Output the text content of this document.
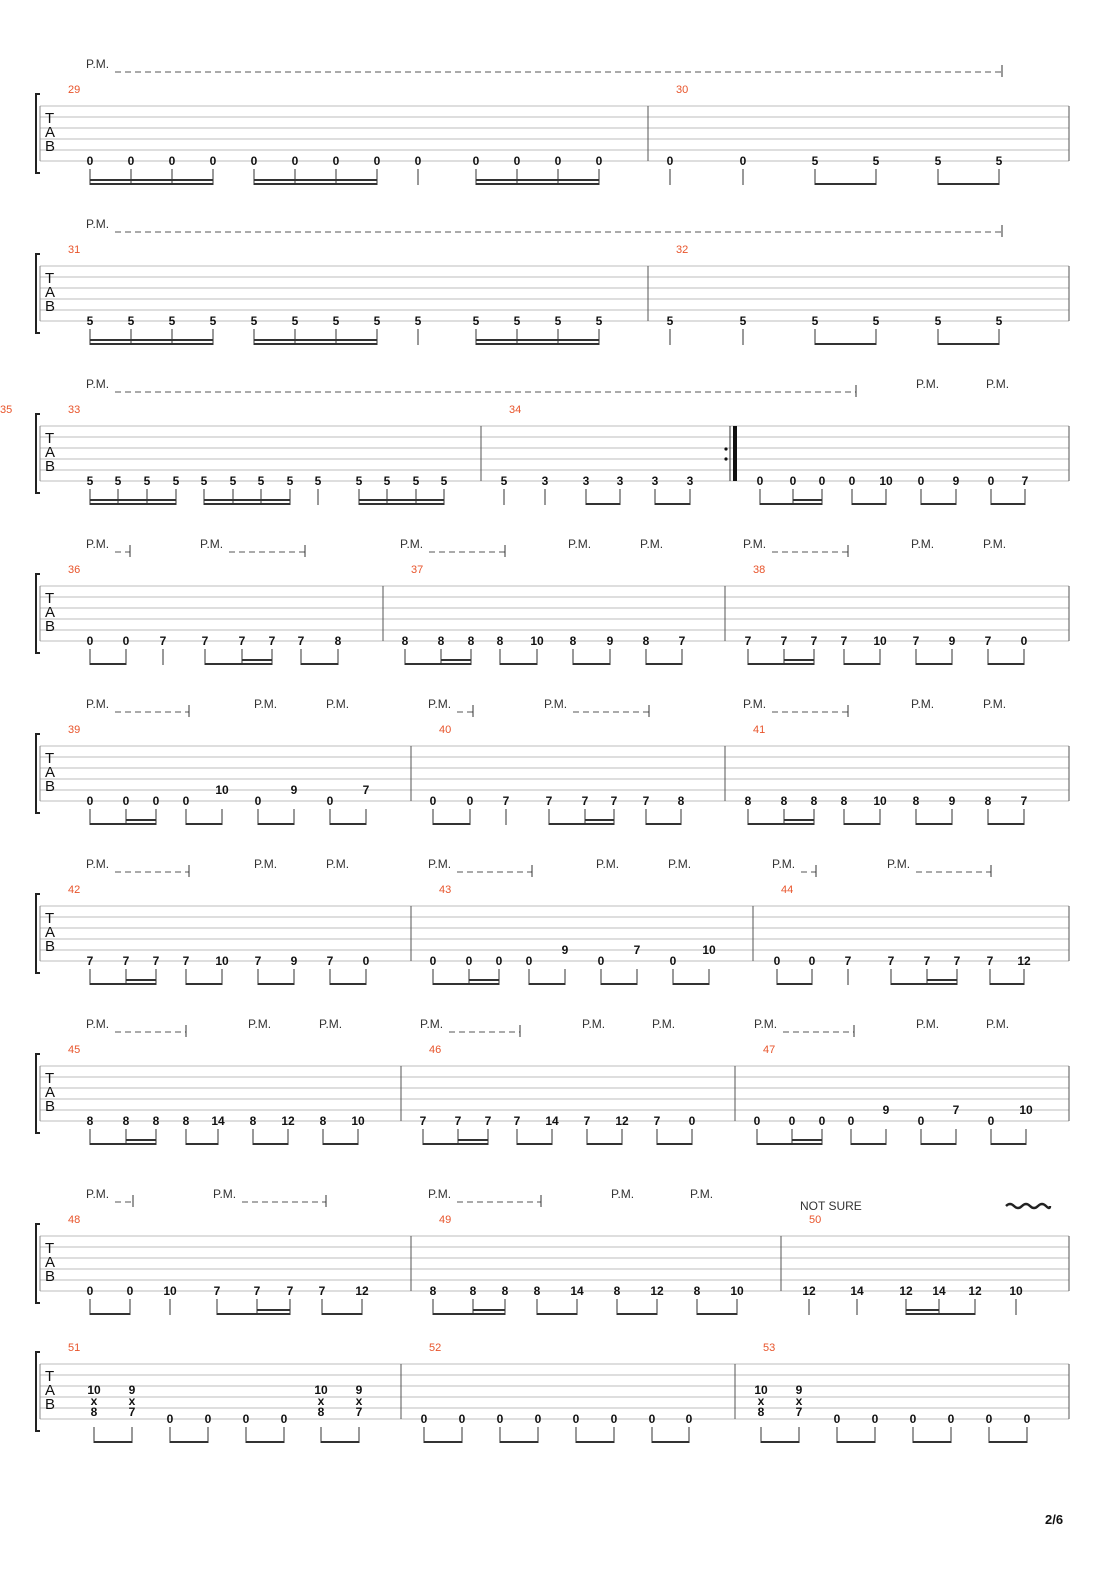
2/6
P.M.
T
A
B
29
0	0	0	0	0	0	0	0	0	0	0	0	0
30
0	0	5	5	5	5
P.M.
T
A
B
31
5	5	5	5	5	5	5	5	5	5	5	5	5
32
5	5	5	5	5	5
P.M.	P.M.	P.M.
T
A
B
33
5 5 5 5 5 5 5 5 5	5 5 5 5
34
5	3	3 3 3 3
35
0 0 0 0 10 0 9 0 7
P.M.	P.M.	P.M.	P.M.	P.M.	P.M.	P.M.	P.M.
T
A
B
36
0 0	7	7	7 7 7	8
37
8 8 8 8 10 8	9 8 7
38
7 7 7 7 10 7 9 7 0
P.M.	P.M.	P.M.	P.M.	P.M.	P.M.	P.M.	P.M.
T
A
B
39
0 0 0 0
10
0
9
0
7
40
0	0 7	7 7 7 7 8
41
8 8 8 8 10 8 9 8 7
P.M.	P.M.	P.M.	P.M.	P.M.	P.M.	P.M.	P.M.
T
A
B
42
7 7 7 7 10 7 9 7 0
43
0 0 0 0
9
0
7
0
10
44
0 0 7	7 7 7 7 12
P.M.	P.M.	P.M.	P.M.	P.M.	P.M.	P.M.	P.M.	P.M.
T
A
B
45
8 8 8 8 14 8 12 8 10
46
7 7 7 7 14 7 12 7 0
47
0 0 0 0
9
0
7
0
10
P.M.	P.M.	P.M.	P.M.	P.M.
NOT SURE
T
A
B
48
0	0 10	7	7 7 7 12
49
8	8 8 8 14 8 12 8 10
50
12	14	12 14 12 10
T
A
B
51
10
x
8
9
x
7	0	0	0	0
10
x
8
9
x
7
52
0	0	0	0	0	0	0	0
53
10
x
8
9
x
7	0	0	0	0	0	0
